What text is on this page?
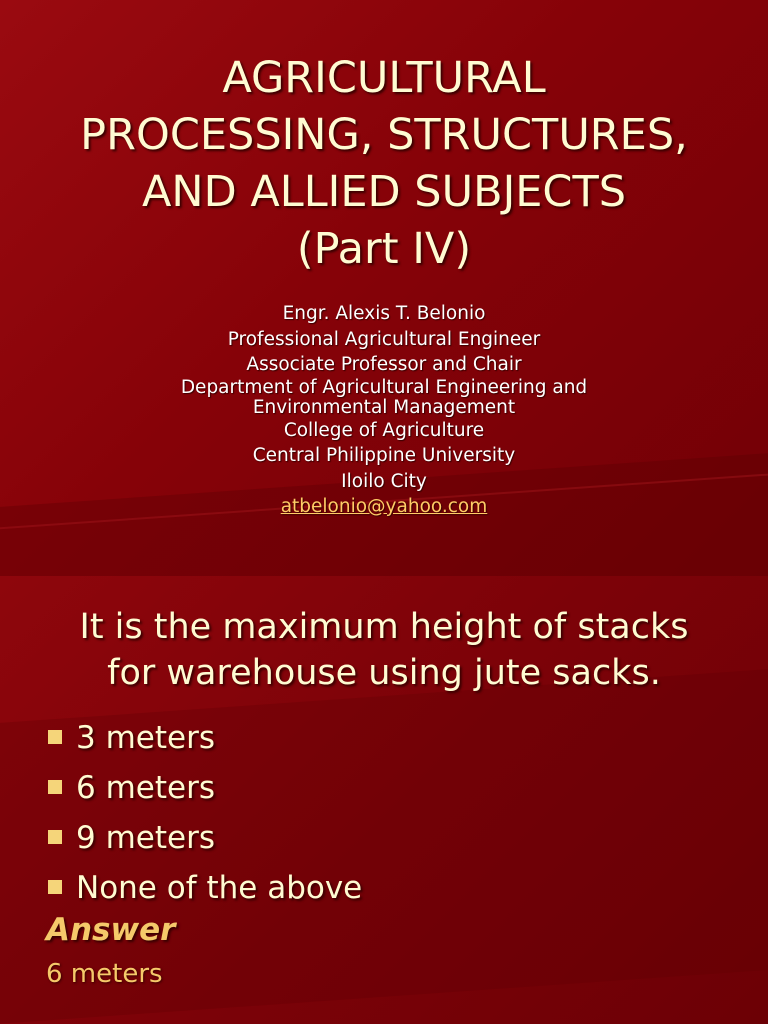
AGRICULTURAL
PROCESSING, STRUCTURES,
AND ALLIED SUBJECTS
(Part IV)
Engr. Alexis T. Belonio
Professional Agricultural Engineer
Associate Professor and Chair
Department of Agricultural Engineering and
Environmental Management
College of Agriculture
Central Philippine University
Iloilo City
atbelonio@yahoo.com
It is the maximum height of stacks
for warehouse using jute sacks.
3 meters
6 meters
9 meters
None of the above
Answer
6 meters
